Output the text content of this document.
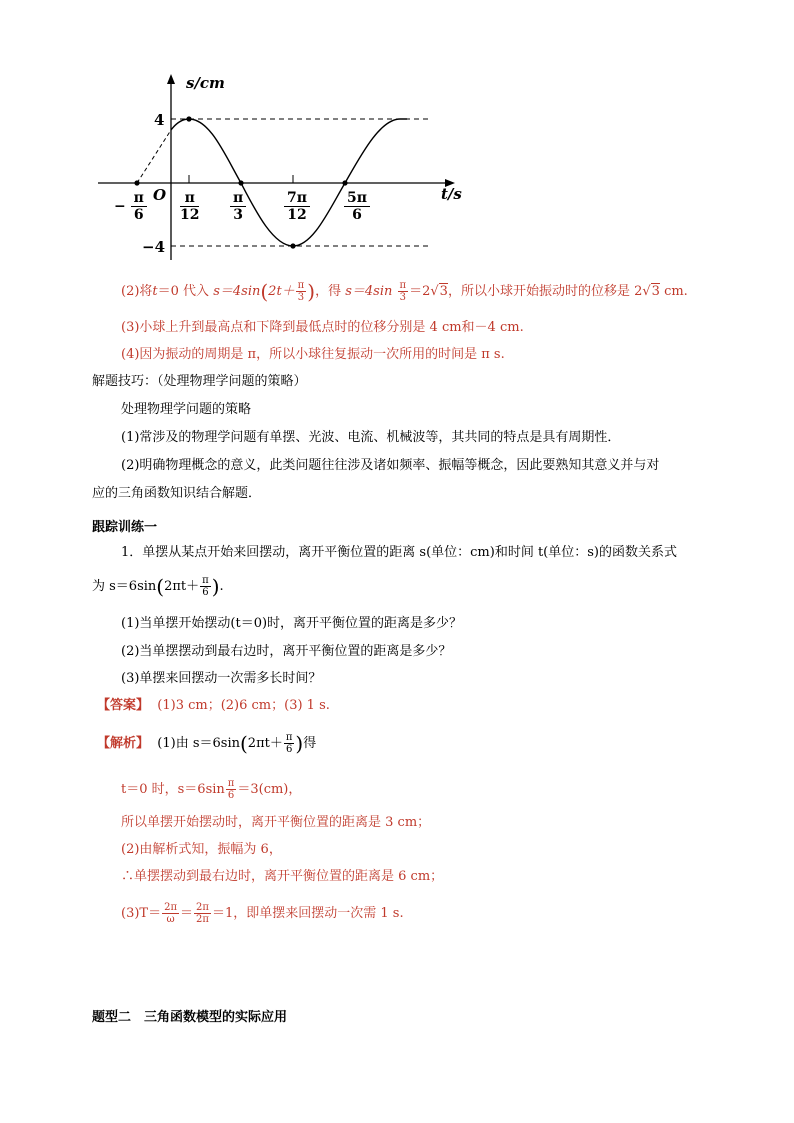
s/cm
t/s
O
4
−4
− $\frac{\pi}{6} \frac{\pi}{12} \frac{\pi}{3}$	$\frac{7\pi}{12} \frac{5\pi}{6}$
(2)将t＝0 代入 $s=4\sin(2t+ \frac{\pi}{3}$ )，得 $s=4\sin \frac{\pi}{3} =2√3$，所以小球开始振动时的位移是 2√3 cm.
(3)小球上升到最高点和下降到最低点时的位移分别是 4 cm和－4 cm.
(4)因为振动的周期是 π，所以小球往复振动一次所用的时间是 π s.
解题技巧：（处理物理学问题的策略）
处理物理学问题的策略
(1)常涉及的物理学问题有单摆、光波、电流、机械波等，其共同的特点是具有周期性．
(2)明确物理概念的意义，此类问题往往涉及诸如频率、振幅等概念，因此要熟知其意义并与对
应的三角函数知识结合解题．
跟踪训练一
1．单摆从某点开始来回摆动，离开平衡位置的距离 s(单位：cm)和时间 t(单位：s)的函数关系式
为 $s=6\sin(2\pi t+ \frac{\pi}{6}$ ).
(1)当单摆开始摆动(t＝0)时，离开平衡位置的距离是多少？
(2)当单摆摆动到最右边时，离开平衡位置的距离是多少？
(3)单摆来回摆动一次需多长时间？
【答案】 (1)3 cm；(2)6 cm；(3) 1 s.
【解析】 (1)由 $s=6\sin(2\pi t+ \frac{\pi}{6}$ )得
t＝0 时，$s=6\sin \frac{\pi}{6} =3(cm)$，
所以单摆开始摆动时，离开平衡位置的距离是 3 cm；
(2)由解析式知，振幅为 6，
∴单摆摆动到最右边时，离开平衡位置的距离是 6 cm；
$(3)T= \frac{2\pi}{\omega} = \frac{2\pi}{2\pi} =1$，即单摆来回摆动一次需 1 s.
题型二　三角函数模型的实际应用
